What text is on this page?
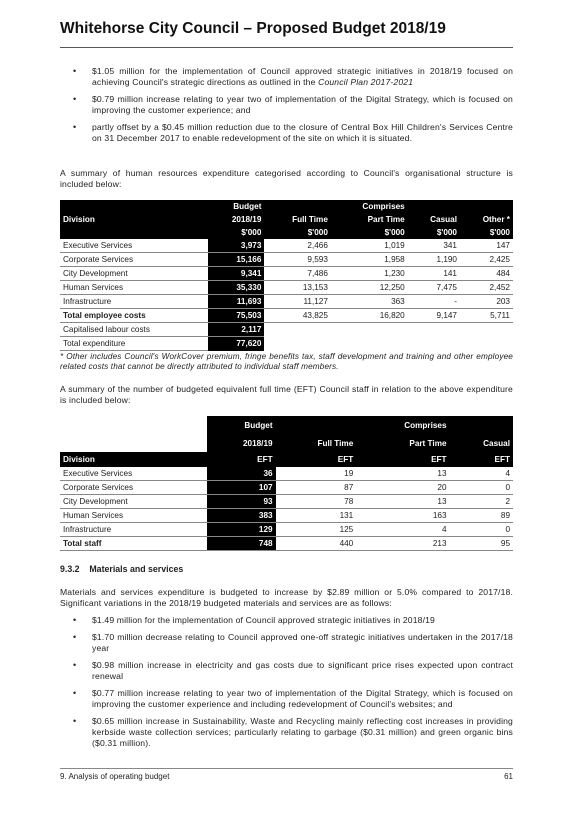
Whitehorse City Council – Proposed Budget 2018/19
• $1.05 million for the implementation of Council approved strategic initiatives in 2018/19 focused on achieving Council's strategic directions as outlined in the Council Plan 2017-2021
• $0.79 million increase relating to year two of implementation of the Digital Strategy, which is focused on improving the customer experience; and
• partly offset by a $0.45 million reduction due to the closure of Central Box Hill Children's Services Centre on 31 December 2017 to enable redevelopment of the site on which it is situated.

A summary of human resources expenditure categorised according to Council's organisational structure is included below:

	Budget		Comprises		
Division	2018/19	Full Time	Part Time	Casual	Other *
	$'000	$'000	$'000	$'000	$'000
Executive Services	3,973	2,466	1,019	341	147
Corporate Services	15,166	9,593	1,958	1,190	2,425
City Development	9,341	7,486	1,230	141	484
Human Services	35,330	13,153	12,250	7,475	2,452
Infrastructure	11,693	11,127	363	-	203
Total employee costs	75,503	43,825	16,820	9,147	5,711
Capitalised labour costs	2,117				
Total expenditure	77,620				

* Other includes Council's WorkCover premium, fringe benefits tax, staff development and training and other employee related costs that cannot be directly attributed to individual staff members.

A summary of the number of budgeted equivalent full time (EFT) Council staff in relation to the above expenditure is included below:

	Budget		Comprises	
	2018/19	Full Time	Part Time	Casual
Division	EFT	EFT	EFT	EFT
Executive Services	36	19	13	4
Corporate Services	107	87	20	0
City Development	93	78	13	2
Human Services	383	131	163	89
Infrastructure	129	125	4	0
Total staff	748	440	213	95
9.3.2 Materials and services

Materials and services expenditure is budgeted to increase by $2.89 million or 5.0% compared to 2017/18. Significant variations in the 2018/19 budgeted materials and services are as follows:

• $1.49 million for the implementation of Council approved strategic initiatives in 2018/19
• $1.70 million decrease relating to Council approved one-off strategic initiatives undertaken in the 2017/18 year
• $0.98 million increase in electricity and gas costs due to significant price rises expected upon contract renewal
• $0.77 million increase relating to year two of implementation of the Digital Strategy, which is focused on improving the customer experience and including redevelopment of Council's websites; and
• $0.65 million increase in Sustainability, Waste and Recycling mainly reflecting cost increases in providing kerbside waste collection services; particularly relating to garbage ($0.31 million) and green organic bins ($0.31 million).
9. Analysis of operating budget	61
